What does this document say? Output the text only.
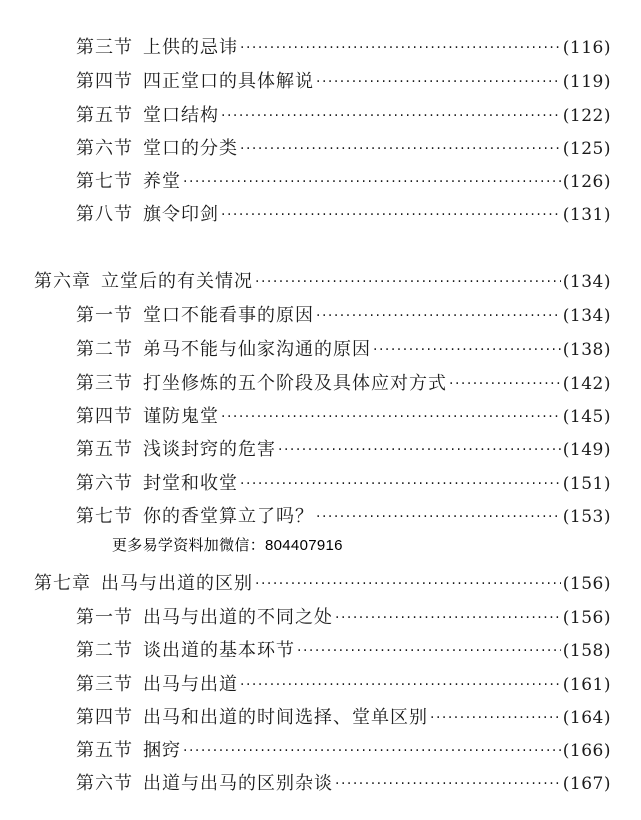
第三节 上供的忌讳 ·····	(116)
第四节 四正堂口的具体解说 ·····	(119)
第五节 堂口结构 ·····	(122)
第六节 堂口的分类 ·····	(125)
第七节 养堂 ·····	(126)
第八节 旗令印剑 ·····	(131)
第六章 立堂后的有关情况 ·····	(134)
第一节 堂口不能看事的原因 ·····	(134)
第二节 弟马不能与仙家沟通的原因 ·····	(138)
第三节 打坐修炼的五个阶段及具体应对方式 ·····	(142)
第四节 谨防鬼堂 ·····	(145)
第五节 浅谈封窍的危害 ·····	(149)
第六节 封堂和收堂 ·····	(151)
第七节 你的香堂算立了吗？ ·····	(153)
更多易学资料加微信：804407916
第七章 出马与出道的区别 ·····	(156)
第一节 出马与出道的不同之处 ·····	(156)
第二节 谈出道的基本环节 ·····	(158)
第三节 出马与出道 ·····	(161)
第四节 出马和出道的时间选择、堂单区别 ·····	(164)
第五节 捆窍 ·····	(166)
第六节 出道与出马的区别杂谈 ·····	(167)
